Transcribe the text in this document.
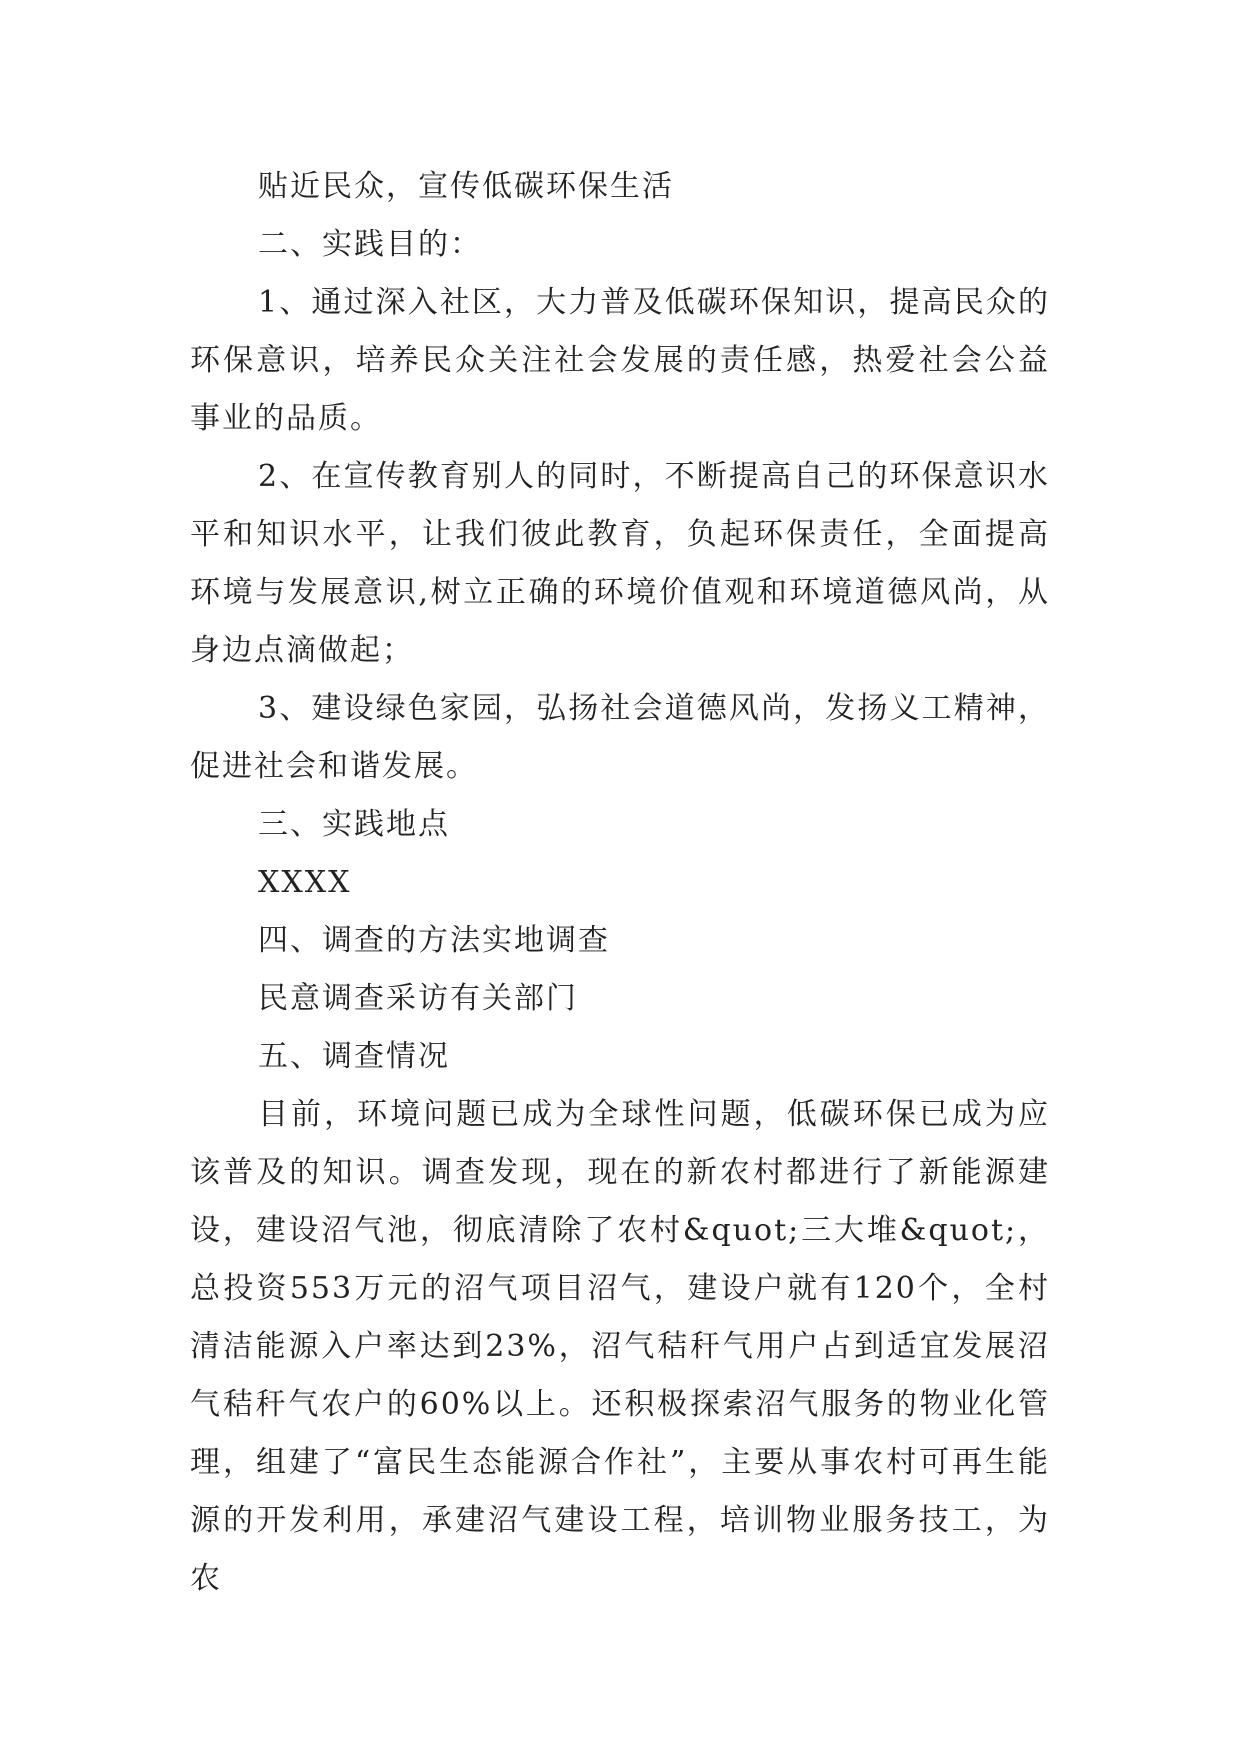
贴近民众，宣传低碳环保生活

二、实践目的：

1、通过深入社区，大力普及低碳环保知识，提高民众的环保意识，培养民众关注社会发展的责任感，热爱社会公益事业的品质。

2、在宣传教育别人的同时，不断提高自己的环保意识水平和知识水平，让我们彼此教育，负起环保责任，全面提高环境与发展意识,树立正确的环境价值观和环境道德风尚，从身边点滴做起；

3、建设绿色家园，弘扬社会道德风尚，发扬义工精神，促进社会和谐发展。

三、实践地点

XXXX

四、调查的方法实地调查

民意调查采访有关部门

五、调查情况

目前，环境问题已成为全球性问题，低碳环保已成为应该普及的知识。调查发现，现在的新农村都进行了新能源建设，建设沼气池，彻底清除了农村&quot;三大堆&quot;，总投资553万元的沼气项目沼气，建设户就有120个，全村清洁能源入户率达到23%，沼气秸秆气用户占到适宜发展沼气秸秆气农户的60%以上。还积极探索沼气服务的物业化管理，组建了“富民生态能源合作社”，主要从事农村可再生能源的开发利用，承建沼气建设工程，培训物业服务技工，为农
